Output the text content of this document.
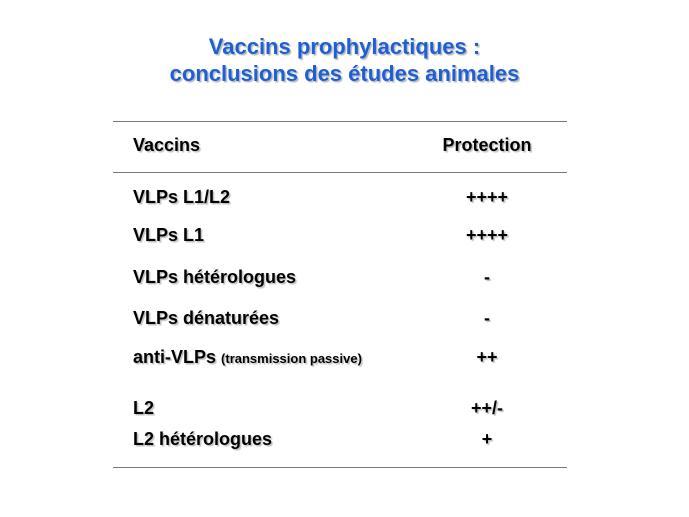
Vaccins prophylactiques :
conclusions des études animales
Vaccins	Protection
VLPs L1/L2	++++
VLPs L1	++++
VLPs hétérologues	-
VLPs dénaturées	-
anti-VLPs (transmission passive)	++
L2	++/-
L2 hétérologues	+
